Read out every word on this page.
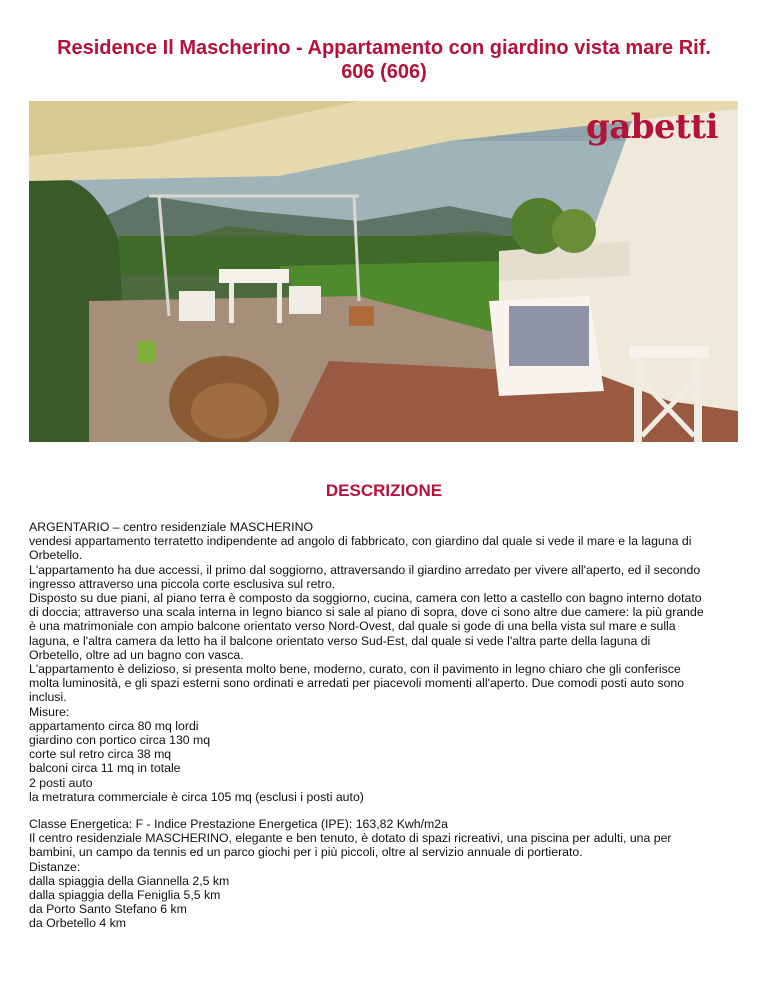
Residence Il Mascherino - Appartamento con giardino vista mare Rif. 606 (606)
gabetti
DESCRIZIONE
ARGENTARIO – centro residenziale MASCHERINO
vendesi appartamento terratetto indipendente ad angolo di fabbricato, con giardino dal quale si vede il mare e la laguna di
Orbetello.
L'appartamento ha due accessi, il primo dal soggiorno, attraversando il giardino arredato per vivere all'aperto, ed il secondo
ingresso attraverso una piccola corte esclusiva sul retro.
Disposto su due piani, al piano terra è composto da soggiorno, cucina, camera con letto a castello con bagno interno dotato
di doccia; attraverso una scala interna in legno bianco si sale al piano di sopra, dove ci sono altre due camere: la più grande
è una matrimoniale con ampio balcone orientato verso Nord-Ovest, dal quale si gode di una bella vista sul mare e sulla
laguna, e l'altra camera da letto ha il balcone orientato verso Sud-Est, dal quale si vede l'altra parte della laguna di
Orbetello, oltre ad un bagno con vasca.
L'appartamento è delizioso, si presenta molto bene, moderno, curato, con il pavimento in legno chiaro che gli conferisce
molta luminosità, e gli spazi esterni sono ordinati e arredati per piacevoli momenti all'aperto. Due comodi posti auto sono
inclusi.
Misure:
appartamento circa 80 mq lordi
giardino con portico circa 130 mq
corte sul retro circa 38 mq
balconi circa 11 mq in totale
2 posti auto
la metratura commerciale è circa 105 mq (esclusi i posti auto)
Classe Energetica: F - Indice Prestazione Energetica (IPE): 163,82 Kwh/m2a
Il centro residenziale MASCHERINO, elegante e ben tenuto, è dotato di spazi ricreativi, una piscina per adulti, una per
bambini, un campo da tennis ed un parco giochi per i più piccoli, oltre al servizio annuale di portierato.
Distanze:
dalla spiaggia della Giannella 2,5 km
dalla spiaggia della Feniglia 5,5 km
da Porto Santo Stefano 6 km
da Orbetello 4 km
